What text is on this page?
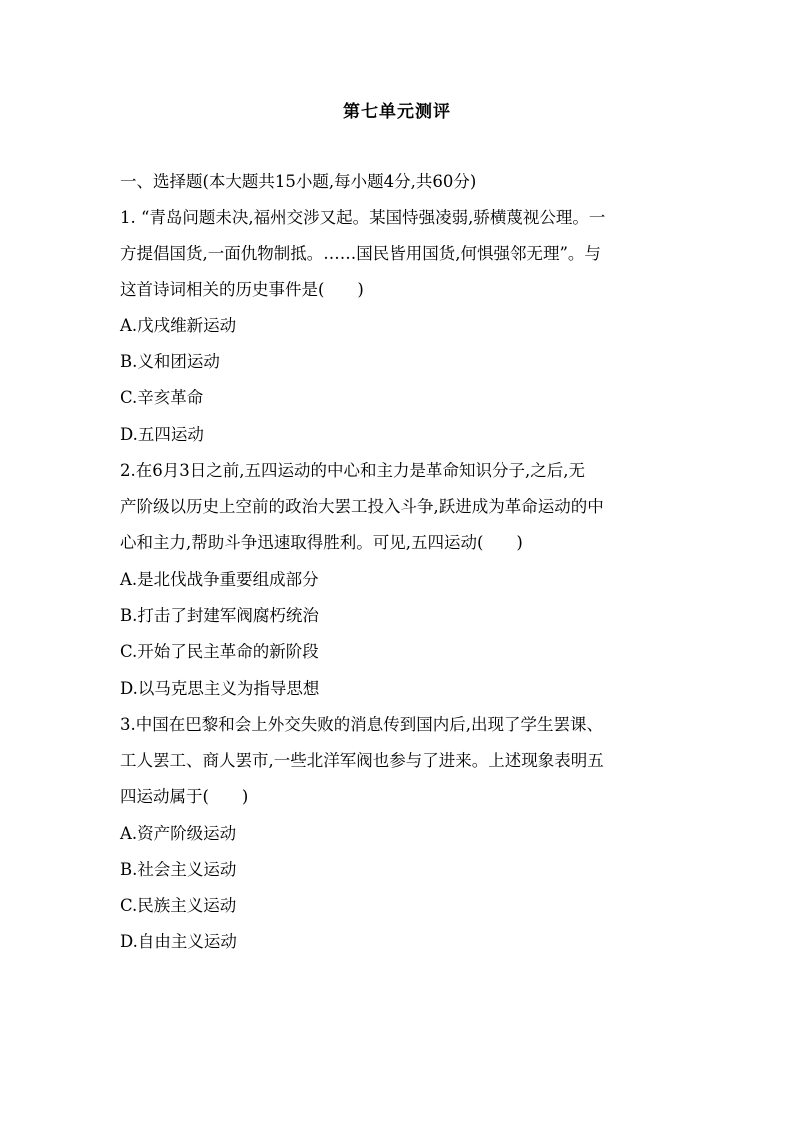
第七单元测评
一、选择题(本大题共15小题,每小题4分,共60分)
1. “青岛问题未决,福州交涉又起。某国恃强凌弱,骄横蔑视公理。一
方提倡国货,一面仇物制抵。……国民皆用国货,何惧强邻无理”。与
这首诗词相关的历史事件是(　　)
A.戊戌维新运动
B.义和团运动
C.辛亥革命
D.五四运动
2.在6月3日之前,五四运动的中心和主力是革命知识分子,之后,无
产阶级以历史上空前的政治大罢工投入斗争,跃进成为革命运动的中
心和主力,帮助斗争迅速取得胜利。可见,五四运动(　　)
A.是北伐战争重要组成部分
B.打击了封建军阀腐朽统治
C.开始了民主革命的新阶段
D.以马克思主义为指导思想
3.中国在巴黎和会上外交失败的消息传到国内后,出现了学生罢课、
工人罢工、商人罢市,一些北洋军阀也参与了进来。上述现象表明五
四运动属于(　　)
A.资产阶级运动
B.社会主义运动
C.民族主义运动
D.自由主义运动
